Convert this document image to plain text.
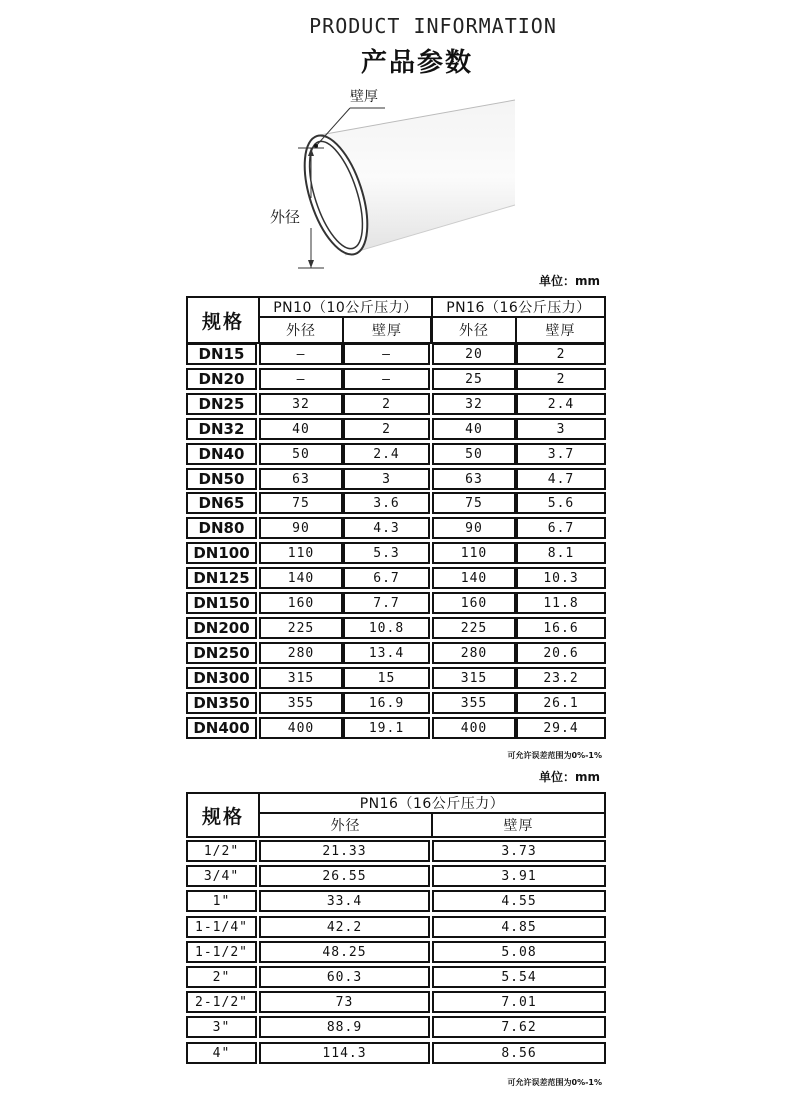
PRODUCT INFORMATION
产品参数
壁厚
外径
单位：mm
规格
PN10（10公斤压力）	PN16（16公斤压力）
外径	壁厚	外径	壁厚
DN15	—	—	20	2
DN20	—	—	25	2
DN25	32	2	32	2.4
DN32	40	2	40	3
DN40	50	2.4	50	3.7
DN50	63	3	63	4.7
DN65	75	3.6	75	5.6
DN80	90	4.3	90	6.7
DN100	110	5.3	110	8.1
DN125	140	6.7	140	10.3
DN150	160	7.7	160	11.8
DN200	225	10.8	225	16.6
DN250	280	13.4	280	20.6
DN300	315	15	315	23.2
DN350	355	16.9	355	26.1
DN400	400	19.1	400	29.4
可允许误差范围为0%-1%
单位：mm
规格
PN16（16公斤压力）
外径	壁厚
1/2"	21.33	3.73
3/4"	26.55	3.91
1"	33.4	4.55
1-1/4"	42.2	4.85
1-1/2"	48.25	5.08
2"	60.3	5.54
2-1/2"	73	7.01
3"	88.9	7.62
4"	114.3	8.56
可允许误差范围为0%-1%
